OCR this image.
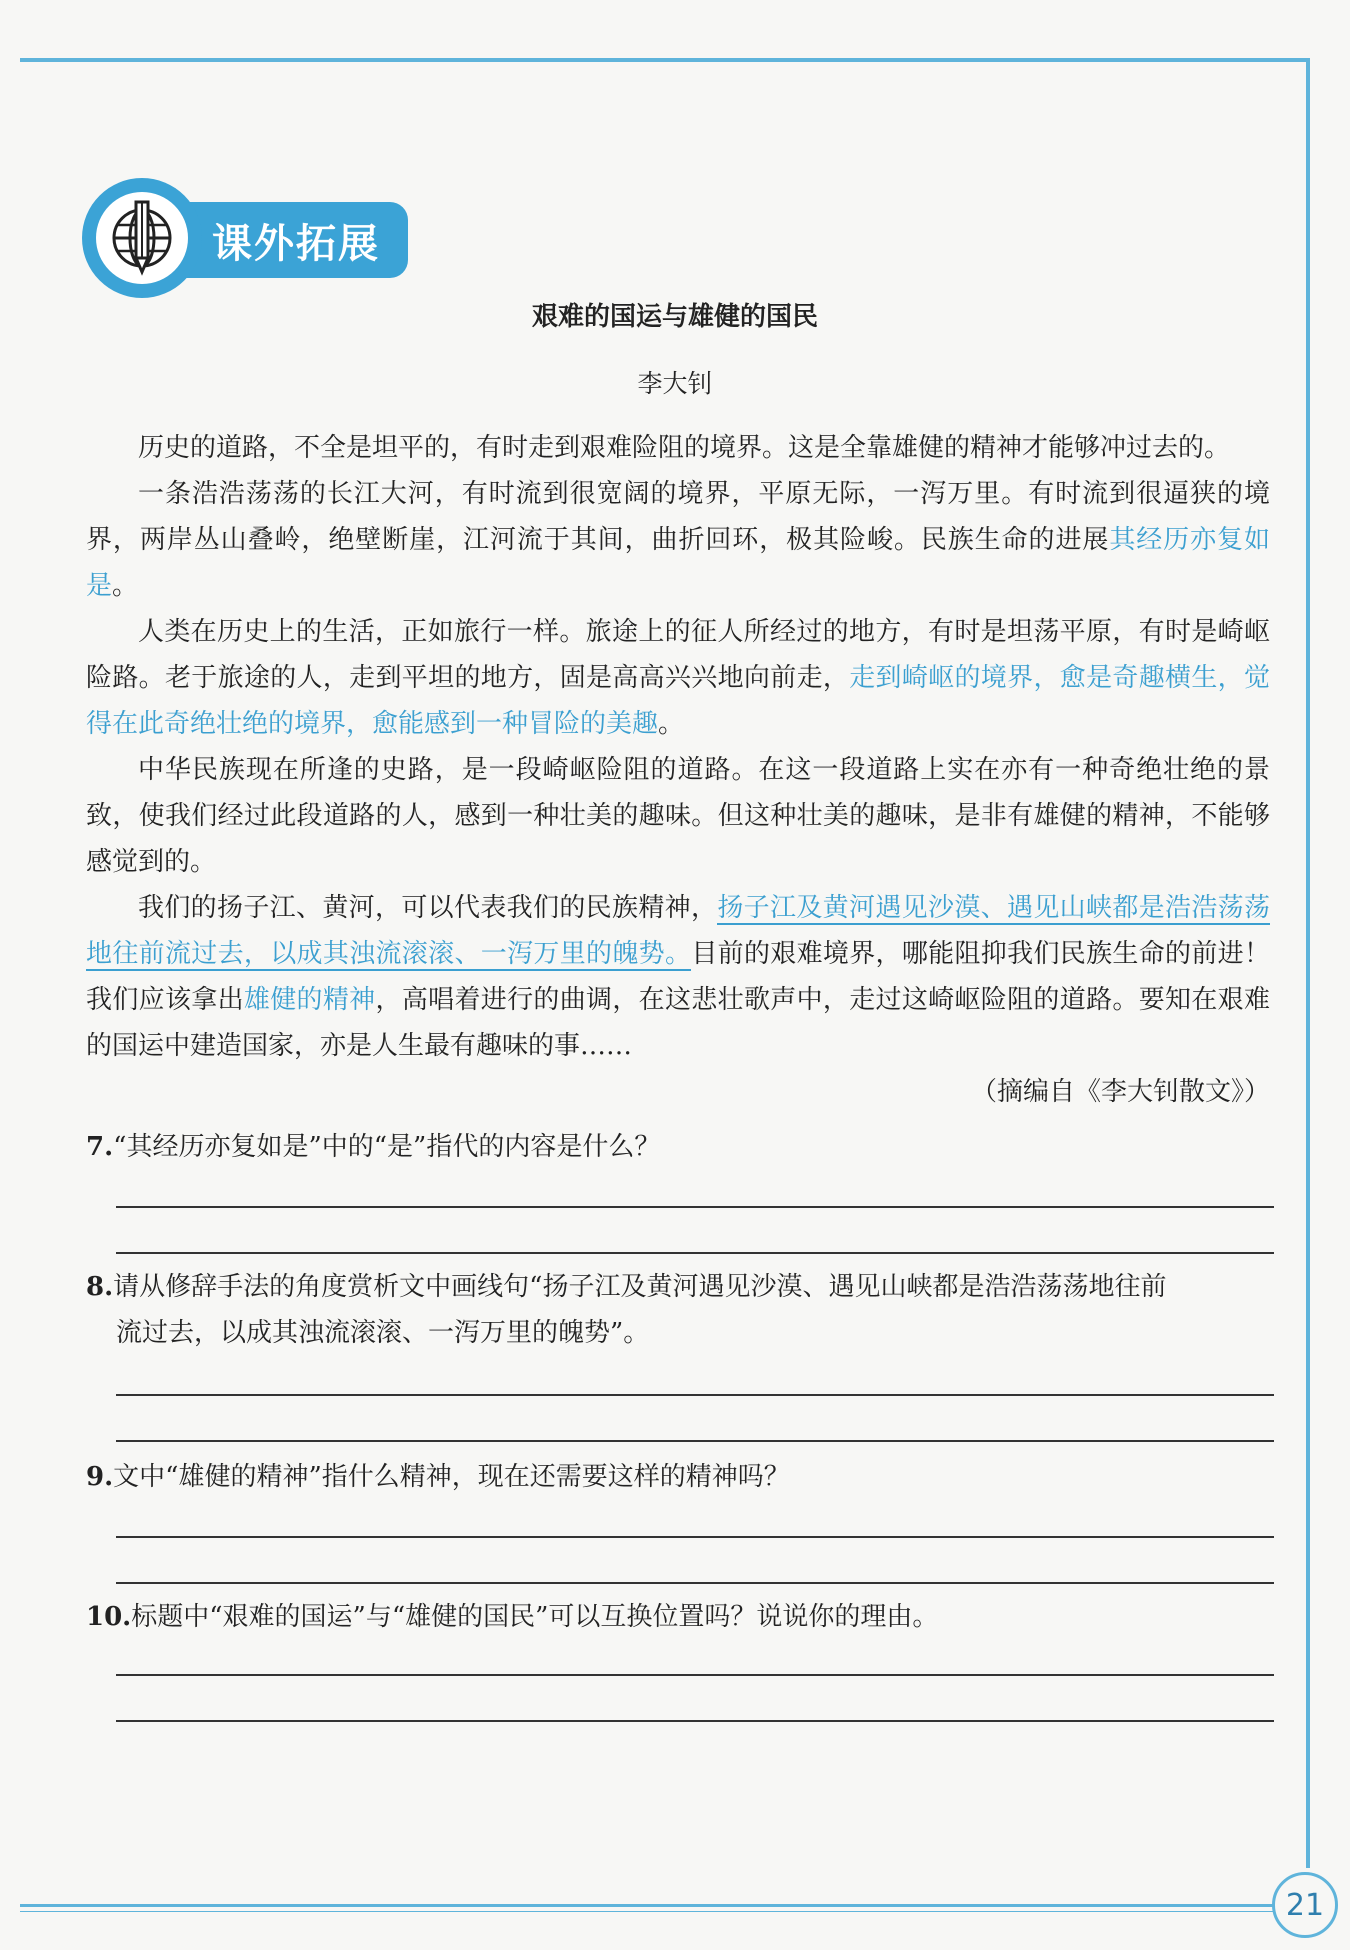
课外拓展
艰难的国运与雄健的国民
李大钊

历史的道路，不全是坦平的，有时走到艰难险阻的境界。这是全靠雄健的精神才能够冲过去的。

一条浩浩荡荡的长江大河，有时流到很宽阔的境界，平原无际，一泻万里。有时流到很逼狭的境界，两岸丛山叠岭，绝壁断崖，江河流于其间，曲折回环，极其险峻。民族生命的进展其经历亦复如是。

人类在历史上的生活，正如旅行一样。旅途上的征人所经过的地方，有时是坦荡平原，有时是崎岖险路。老于旅途的人，走到平坦的地方，固是高高兴兴地向前走，走到崎岖的境界，愈是奇趣横生，觉得在此奇绝壮绝的境界，愈能感到一种冒险的美趣。

中华民族现在所逢的史路，是一段崎岖险阻的道路。在这一段道路上实在亦有一种奇绝壮绝的景致，使我们经过此段道路的人，感到一种壮美的趣味。但这种壮美的趣味，是非有雄健的精神，不能够感觉到的。

我们的扬子江、黄河，可以代表我们的民族精神，扬子江及黄河遇见沙漠、遇见山峡都是浩浩荡荡地往前流过去，以成其浊流滚滚、一泻万里的魄势。目前的艰难境界，哪能阻抑我们民族生命的前进！我们应该拿出雄健的精神，高唱着进行的曲调，在这悲壮歌声中，走过这崎岖险阻的道路。要知在艰难的国运中建造国家，亦是人生最有趣味的事……

（摘编自《李大钊散文》）
7.“其经历亦复如是”中的“是”指代的内容是什么？
8.请从修辞手法的角度赏析文中画线句“扬子江及黄河遇见沙漠、遇见山峡都是浩浩荡荡地往前
流过去，以成其浊流滚滚、一泻万里的魄势”。
9.文中“雄健的精神”指什么精神，现在还需要这样的精神吗？
10.标题中“艰难的国运”与“雄健的国民”可以互换位置吗？说说你的理由。
21
